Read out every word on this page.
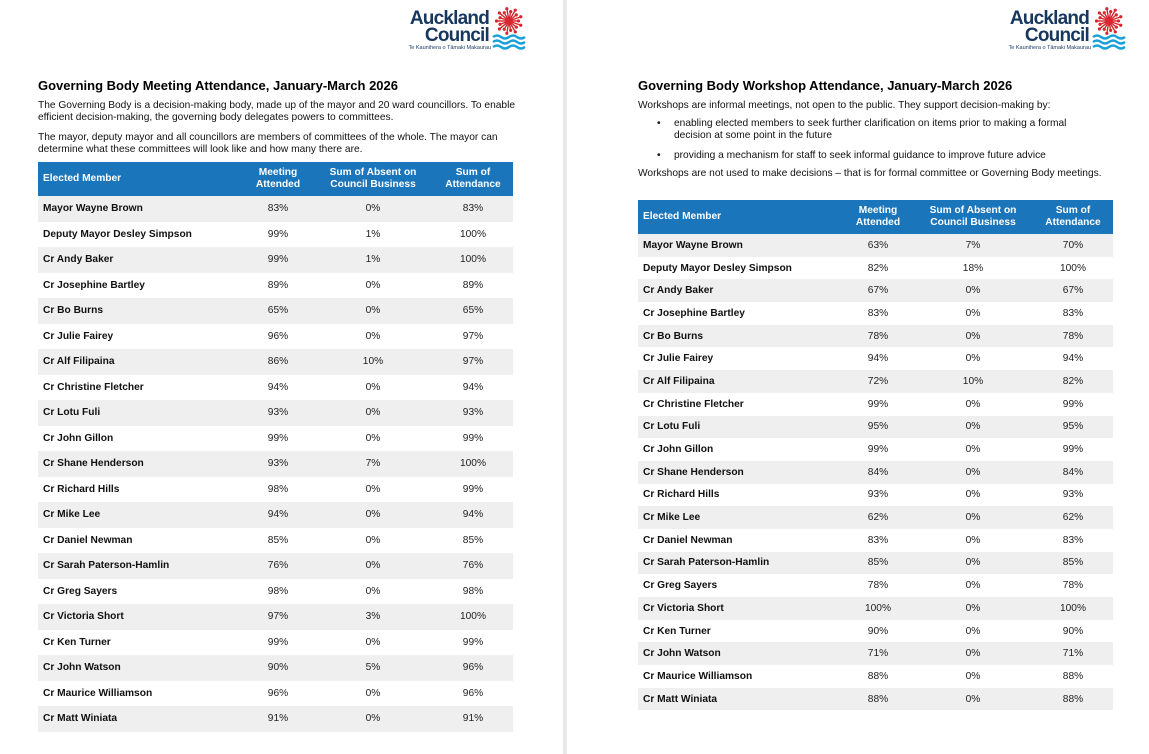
Auckland
Council
Te Kaunihera o Tāmaki Makaurau
Governing Body Meeting Attendance, January-March 2026
The Governing Body is a decision-making body, made up of the mayor and 20 ward councillors. To enable efficient decision-making, the governing body delegates powers to committees.
The mayor, deputy mayor and all councillors are members of committees of the whole. The mayor can determine what these committees will look like and how many there are.
Elected Member	Meeting Attended	Sum of Absent on Council Business	Sum of Attendance
Mayor Wayne Brown	83%	0%	83%
Deputy Mayor Desley Simpson	99%	1%	100%
Cr Andy Baker	99%	1%	100%
Cr Josephine Bartley	89%	0%	89%
Cr Bo Burns	65%	0%	65%
Cr Julie Fairey	96%	0%	97%
Cr Alf Filipaina	86%	10%	97%
Cr Christine Fletcher	94%	0%	94%
Cr Lotu Fuli	93%	0%	93%
Cr John Gillon	99%	0%	99%
Cr Shane Henderson	93%	7%	100%
Cr Richard Hills	98%	0%	99%
Cr Mike Lee	94%	0%	94%
Cr Daniel Newman	85%	0%	85%
Cr Sarah Paterson-Hamlin	76%	0%	76%
Cr Greg Sayers	98%	0%	98%
Cr Victoria Short	97%	3%	100%
Cr Ken Turner	99%	0%	99%
Cr John Watson	90%	5%	96%
Cr Maurice Williamson	96%	0%	96%
Cr Matt Winiata	91%	0%	91%
Auckland
Council
Te Kaunihera o Tāmaki Makaurau
Governing Body Workshop Attendance, January-March 2026
Workshops are informal meetings, not open to the public. They support decision-making by:
• enabling elected members to seek further clarification on items prior to making a formal decision at some point in the future
• providing a mechanism for staff to seek informal guidance to improve future advice
Workshops are not used to make decisions – that is for formal committee or Governing Body meetings.
Elected Member	Meeting Attended	Sum of Absent on Council Business	Sum of Attendance
Mayor Wayne Brown	63%	7%	70%
Deputy Mayor Desley Simpson	82%	18%	100%
Cr Andy Baker	67%	0%	67%
Cr Josephine Bartley	83%	0%	83%
Cr Bo Burns	78%	0%	78%
Cr Julie Fairey	94%	0%	94%
Cr Alf Filipaina	72%	10%	82%
Cr Christine Fletcher	99%	0%	99%
Cr Lotu Fuli	95%	0%	95%
Cr John Gillon	99%	0%	99%
Cr Shane Henderson	84%	0%	84%
Cr Richard Hills	93%	0%	93%
Cr Mike Lee	62%	0%	62%
Cr Daniel Newman	83%	0%	83%
Cr Sarah Paterson-Hamlin	85%	0%	85%
Cr Greg Sayers	78%	0%	78%
Cr Victoria Short	100%	0%	100%
Cr Ken Turner	90%	0%	90%
Cr John Watson	71%	0%	71%
Cr Maurice Williamson	88%	0%	88%
Cr Matt Winiata	88%	0%	88%
